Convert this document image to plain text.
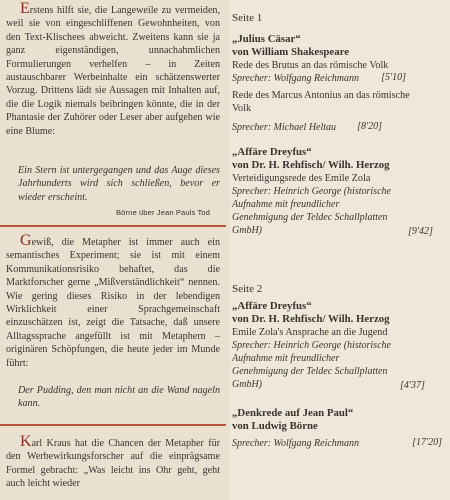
Erstens hilft sie, die Langeweile zu vermeiden, weil sie von eingeschliffenen Gewohnheiten, von den Text-Klischees abweicht. Zweitens kann sie ja ganz eigenständigen, unnachahmlichen Formulierungen verhelfen – in Zeiten austauschbarer Werbeinhalte ein schätzenswerter Vorzug. Drittens lädt sie Aussagen mit Inhalten auf, die die Logik niemals beibringen könnte, die in der Phantasie der Zuhörer oder Leser aber aufgehen wie eine Blume:
Ein Stern ist untergegangen und das Auge dieses Jahrhunderts wird sich schließen, bevor er wieder erscheint.
Börne über Jean Pauls Tod
Gewiß, die Metapher ist immer auch ein semantisches Experiment; sie ist mit einem Kommunikationsrisiko behaftet, das die Marktforscher gerne „Mißverständlichkeit“ nennen. Wie gering dieses Risiko in der lebendigen Wirklichkeit einer Sprachgemeinschaft einzuschätzen ist, zeigt die Tatsache, daß unsere Alltagssprache angefüllt ist mit Metaphern – originären Schöpfungen, die heute jeder im Munde führt:
Der Pudding, den man nicht an die Wand nageln kann.
Karl Kraus hat die Chancen der Metapher für den Werbewirkungsforscher auf die einprägsame Formel gebracht: „Was leicht ins Ohr geht, geht auch leicht wieder
Seite 1
„Julius Cäsar“
von William Shakespeare
Rede des Brutus an das römische Volk
Sprecher: Wolfgang Reichmann [5'10]
Rede des Marcus Antonius an das römische Volk
Sprecher: Michael Heltau [8'20]
„Affäre Dreyfus“
von Dr. H. Rehfisch/ Wilh. Herzog
Verteidigungsrede des Emile Zola
Sprecher: Heinrich George (historische Aufnahme mit freundlicher Genehmigung der Teldec Schallplatten GmbH)	[9'42]
Seite 2
„Affäre Dreyfus“
von Dr. H. Rehfisch/ Wilh. Herzog
Emile Zola's Ansprache an die Jugend
Sprecher: Heinrich George (historische Aufnahme mit freundlicher Genehmigung der Teldec Schallplatten GmbH)	[4'37]
„Denkrede auf Jean Paul“
von Ludwig Börne
Sprecher: Wolfgang Reichmann	[17'20]
